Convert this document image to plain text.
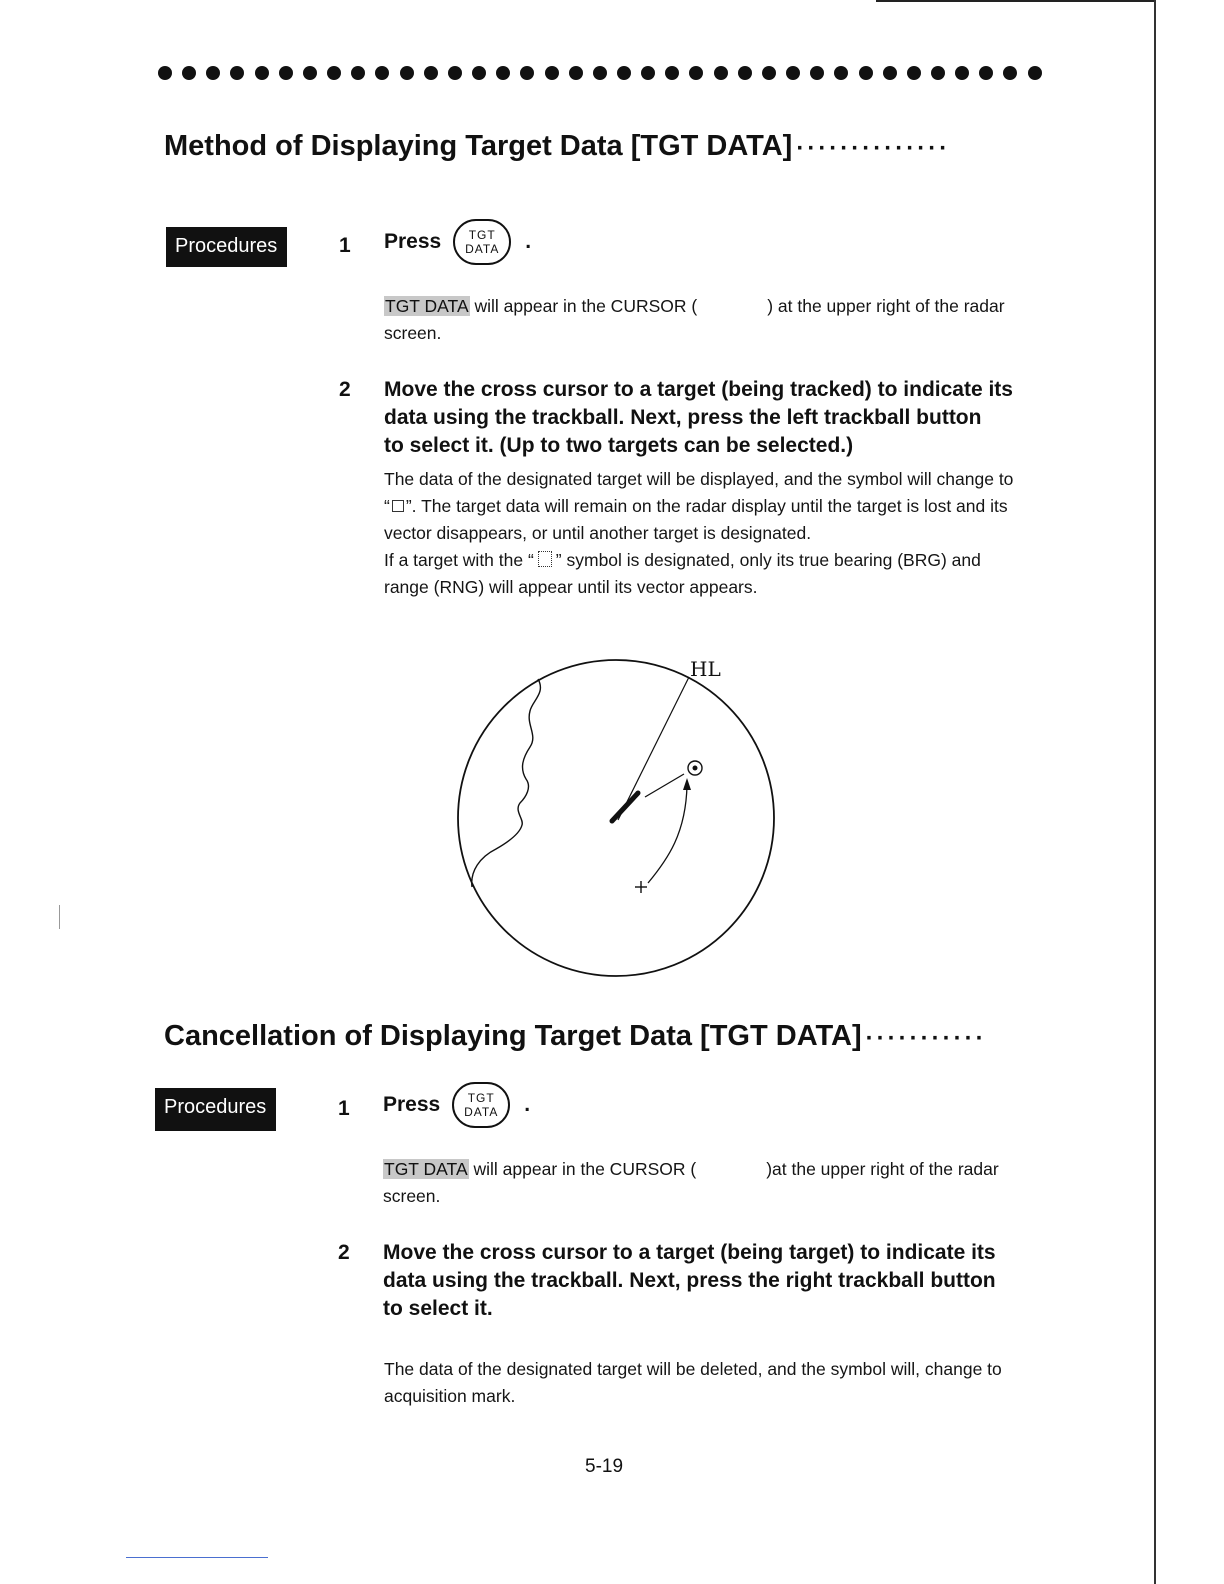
Method of Displaying Target Data [TGT DATA] ··············
Procedures	1 Press TGT
DATA .
TGT DATA will appear in the CURSOR (	) at the upper right of the radar
screen.
2 Move the cross cursor to a target (being tracked) to indicate its
data using the trackball. Next, press the left trackball button
to select it. (Up to two targets can be selected.)
The data of the designated target will be displayed, and the symbol will change to
“ ”. The target data will remain on the radar display until the target is lost and its
vector disappears, or until another target is designated.
If a target with the “ ” symbol is designated, only its true bearing (BRG) and
range (RNG) will appear until its vector appears.
HL
Cancellation of Displaying Target Data [TGT DATA] ···········
Procedures	1 Press TGT
DATA .
TGT DATA will appear in the CURSOR (	)at the upper right of the radar
screen.
2 Move the cross cursor to a target (being target) to indicate its
data using the trackball. Next, press the right trackball button
to select it.
The data of the designated target will be deleted, and the symbol will, change to
acquisition mark.
5-19
